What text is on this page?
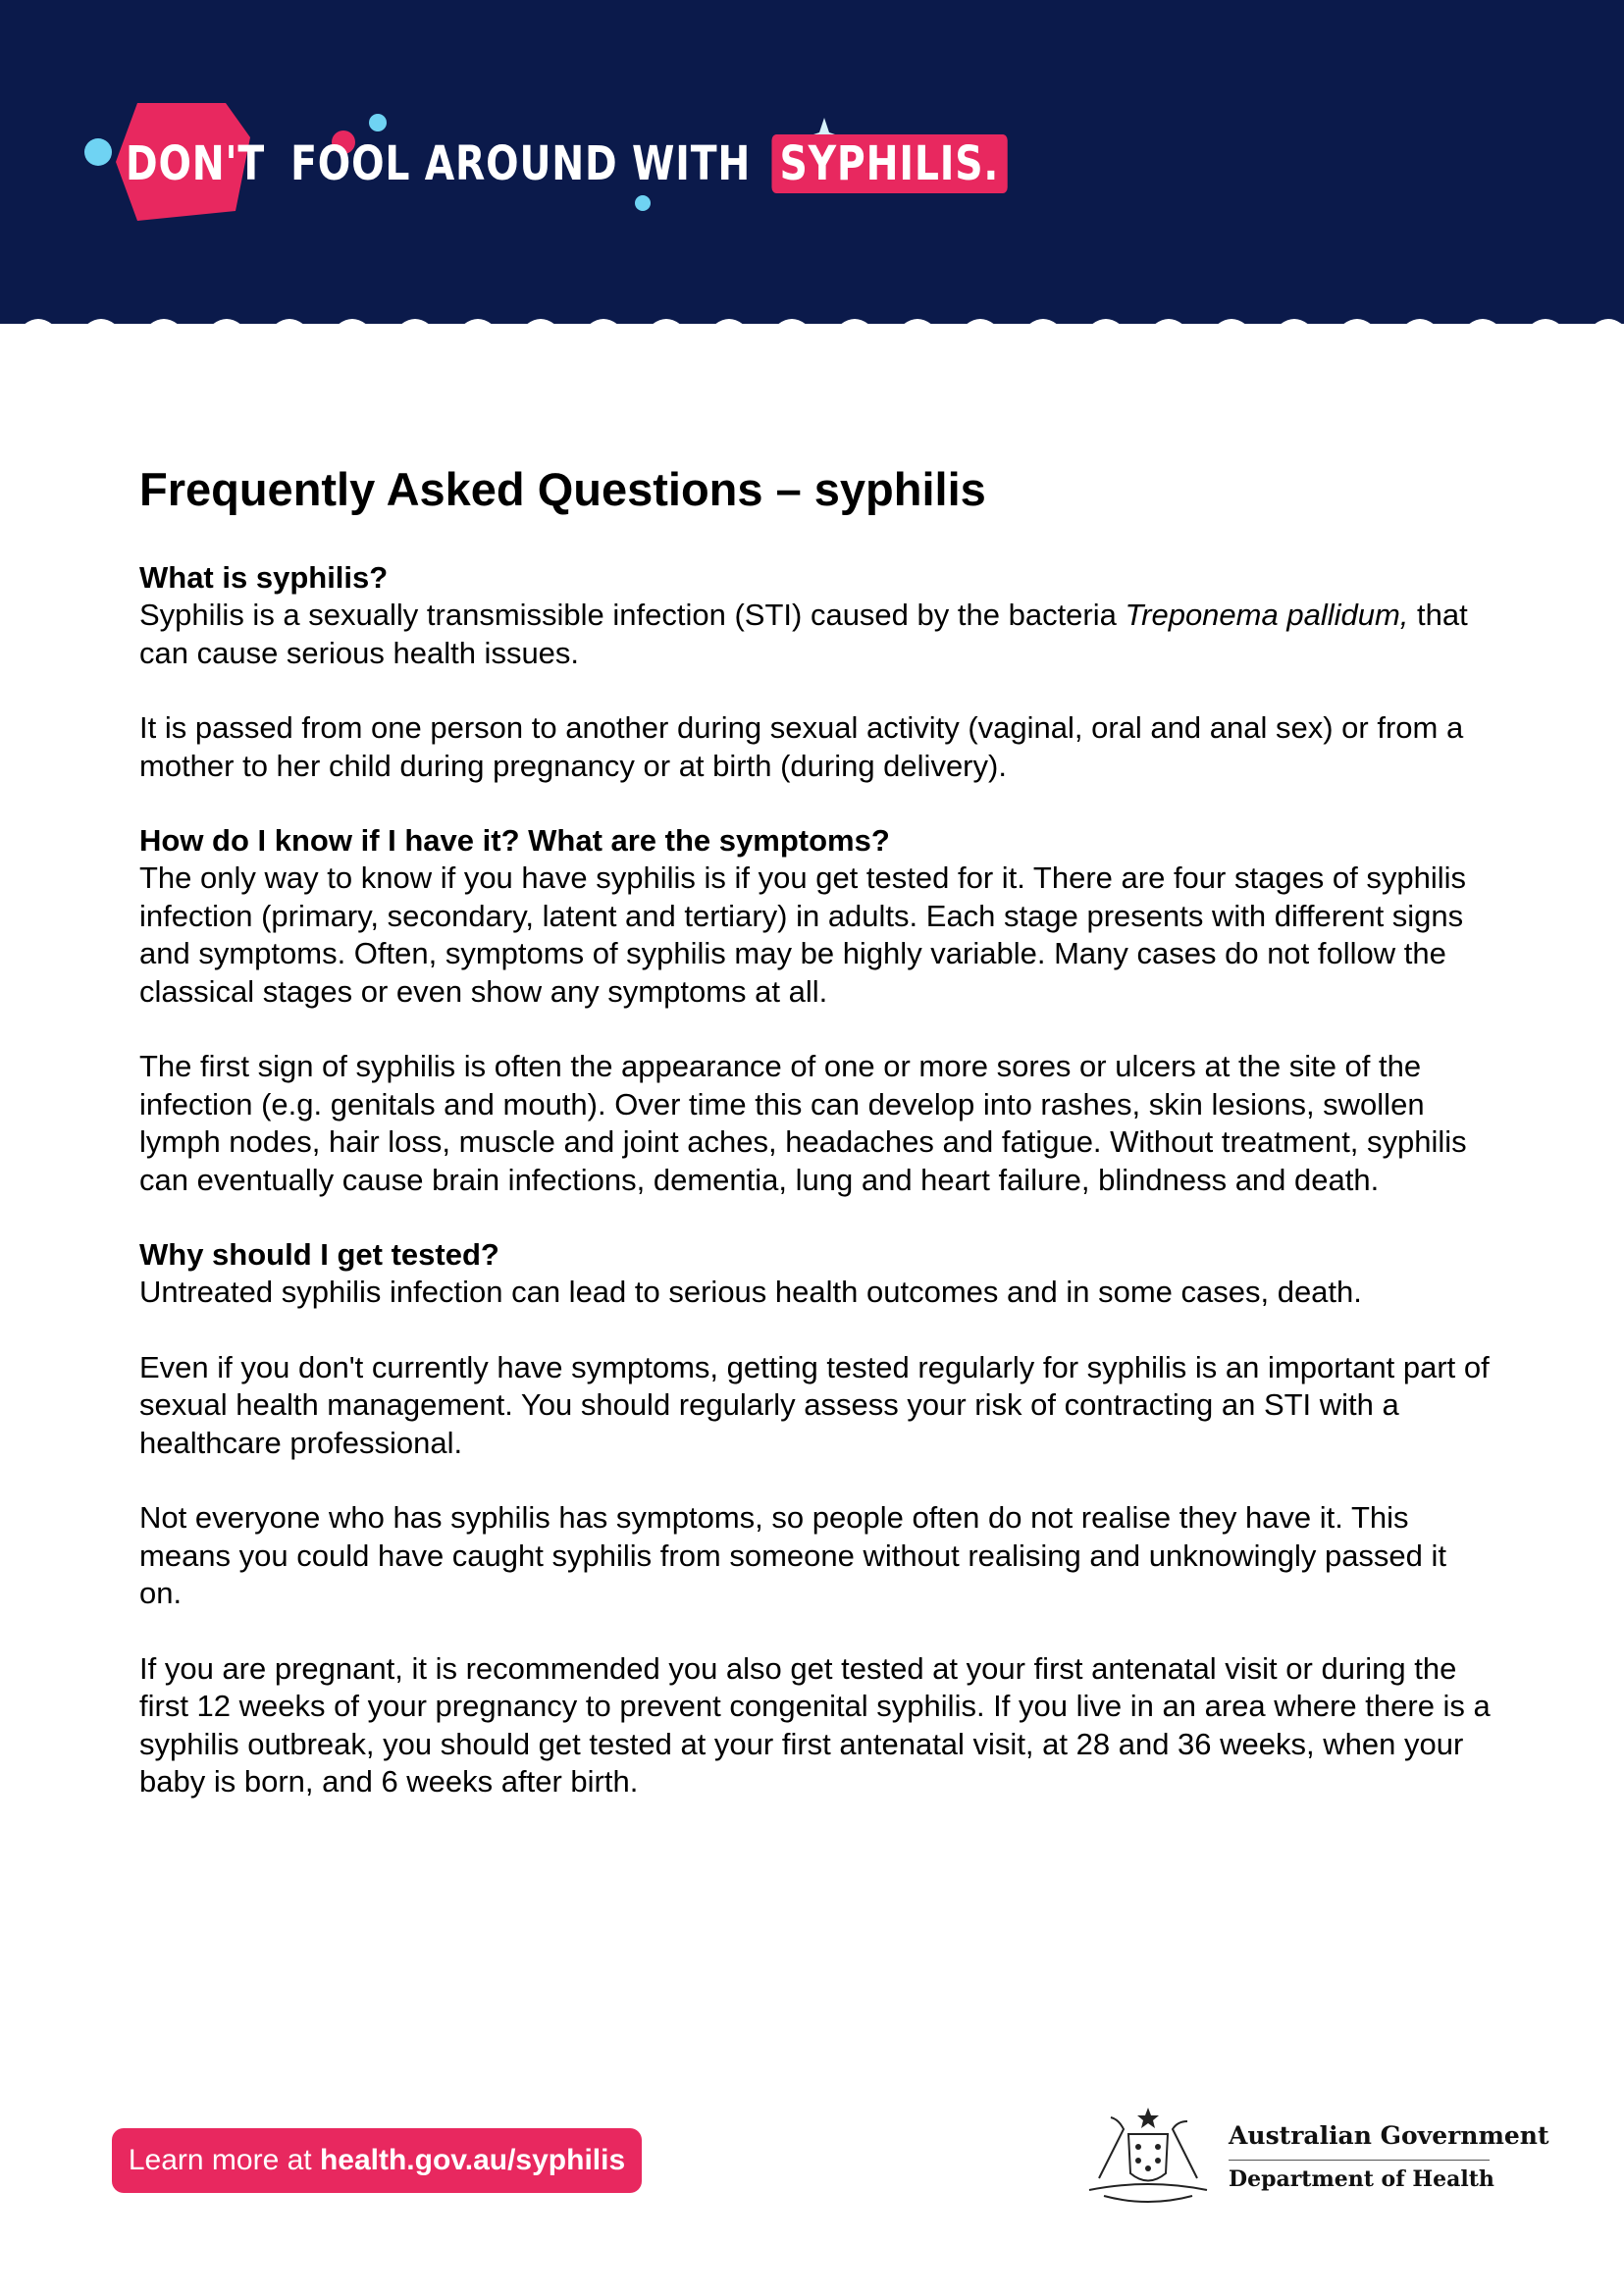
DON'T FOOL AROUND WITH SYPHILIS.
Frequently Asked Questions – syphilis

What is syphilis?

Syphilis is a sexually transmissible infection (STI) caused by the bacteria Treponema pallidum, that can cause serious health issues.

It is passed from one person to another during sexual activity (vaginal, oral and anal sex) or from a mother to her child during pregnancy or at birth (during delivery).

How do I know if I have it? What are the symptoms?

The only way to know if you have syphilis is if you get tested for it. There are four stages of syphilis infection (primary, secondary, latent and tertiary) in adults. Each stage presents with different signs and symptoms. Often, symptoms of syphilis may be highly variable. Many cases do not follow the classical stages or even show any symptoms at all.

The first sign of syphilis is often the appearance of one or more sores or ulcers at the site of the infection (e.g. genitals and mouth). Over time this can develop into rashes, skin lesions, swollen lymph nodes, hair loss, muscle and joint aches, headaches and fatigue. Without treatment, syphilis can eventually cause brain infections, dementia, lung and heart failure, blindness and death.

Why should I get tested?

Untreated syphilis infection can lead to serious health outcomes and in some cases, death.

Even if you don't currently have symptoms, getting tested regularly for syphilis is an important part of sexual health management. You should regularly assess your risk of contracting an STI with a healthcare professional.

Not everyone who has syphilis has symptoms, so people often do not realise they have it. This means you could have caught syphilis from someone without realising and unknowingly passed it on.

If you are pregnant, it is recommended you also get tested at your first antenatal visit or during the first 12 weeks of your pregnancy to prevent congenital syphilis. If you live in an area where there is a syphilis outbreak, you should get tested at your first antenatal visit, at 28 and 36 weeks, when your baby is born, and 6 weeks after birth.

Learn more at health.gov.au/syphilis
Australian Government
Department of Health
